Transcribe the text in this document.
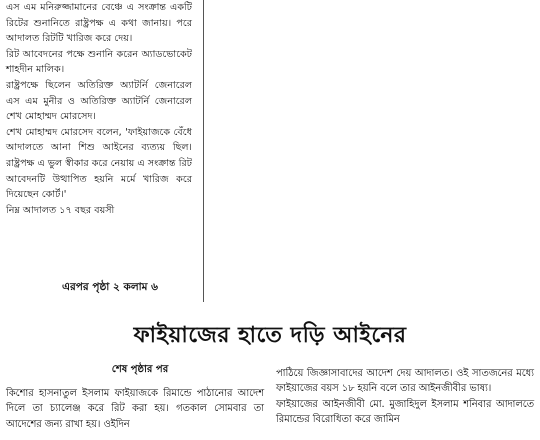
এস এম মনিরুজ্জামানের বেঞ্চে এ সংক্রান্ত একটি রিটের শুনানিতে রাষ্ট্রপক্ষ এ কথা জানায়। পরে আদালত রিটটি খারিজ করে দেয়।

রিট আবেদনের পক্ষে শুনানি করেন অ্যাডভোকেট শাহদীন মালিক।

রাষ্ট্রপক্ষে ছিলেন অতিরিক্ত অ্যাটর্নি জেনারেল এস এম মুনীর ও অতিরিক্ত অ্যাটর্নি জেনারেল শেখ মোহাম্মদ মোরসেদ।

শেখ মোহাম্মদ মোরসেদ বলেন, 'ফাইয়াজকে বেঁধে আদালতে আনা শিশু আইনের ব্যত্যয় ছিল। রাষ্ট্রপক্ষ এ ভুল স্বীকার করে নেয়ায় এ সংক্রান্ত রিট আবেদনটি উত্থাপিত হয়নি মর্মে খারিজ করে দিয়েছেন কোর্ট।'

নিম্ন আদালত ১৭ বছর বয়সী

এরপর পৃষ্ঠা ২ কলাম ৬
ফাইয়াজের হাতে দড়ি আইনের
শেষ পৃষ্ঠার পর

কিশোর হাসনাতুল ইসলাম ফাইয়াজকে রিমান্ডে পাঠানোর আদেশ দিলে তা চ্যালেঞ্জ করে রিট করা হয়। গতকাল সোমবার তা আদেশের জন্য রাখা হয়। ওইদিন

পাঠিয়ে জিজ্ঞাসাবাদের আদেশ দেয় আদালত। ওই সাতজনের মধ্যে ফাইয়াজের বয়স ১৮ হয়নি বলে তার আইনজীবীর ভাষ্য।

ফাইয়াজের আইনজীবী মো. মুজাহিদুল ইসলাম শনিবার আদালতে রিমান্ডের বিরোধিতা করে জামিন
